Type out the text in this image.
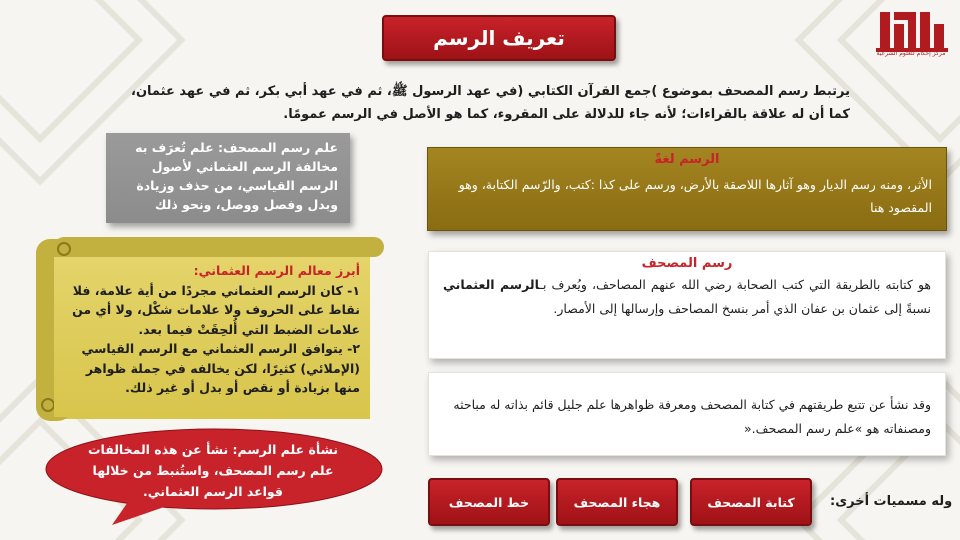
مركز إحكام للعلوم الشرعية
تعريف الرسم
يرتبط رسم المصحف بموضوع )جمع القرآن الكتابي (في عهد الرسول ﷺ، ثم في عهد أبي بكر، ثم في عهد عثمان، كما أن له علاقة بالقراءات؛ لأنه جاء للدلالة على المقروء، كما هو الأصل في الرسم عمومًا.
الرسم لغةً
الأثر، ومنه رسم الديار وهو آثارها اللاصقة بالأرض، ورسم على كذا :كتب، والرّسم الكتابة، وهو المقصود هنا
علم رسم المصحف: علم تُعرَف به مخالفة الرسم العثماني لأصول الرسم القياسي، من حذف وزيادة وبدل وفصل ووصل، ونحو ذلك
رسم المصحف
هو كتابته بالطريقة التي كتب الصحابة رضي الله عنهم المصاحف، ويُعرف بـالرسم العثماني نسبةً إلى عثمان بن عفان الذي أمر بنسخ المصاحف وإرسالها إلى الأمصار.
وقد نشأ عن تتبع طريقتهم في كتابة المصحف ومعرفة ظواهرها علم جليل قائم بذاته له مباحثه ومصنفاته هو »علم رسم المصحف.«
أبرز معالم الرسم العثماني:
١- كان الرسم العثماني مجردًا من أية علامة، فلا نقاط على الحروف ولا علامات شكْل، ولا أي من علامات الضبط التي أُلحِقَتْ فيما بعد.
٢- يتوافق الرسم العثماني مع الرسم القياسي (الإملائي) كثيرًا، لكن يخالفه في جملة ظواهر منها بزيادة أو نقص أو بدل أو غير ذلك.
نشأة علم الرسم: نشأ عن هذه المخالفات علم رسم المصحف، واستُنبط من خلالها قواعد الرسم العثماني.
وله مسميات أخرى:
كتابة المصحف
هجاء المصحف
خط المصحف
